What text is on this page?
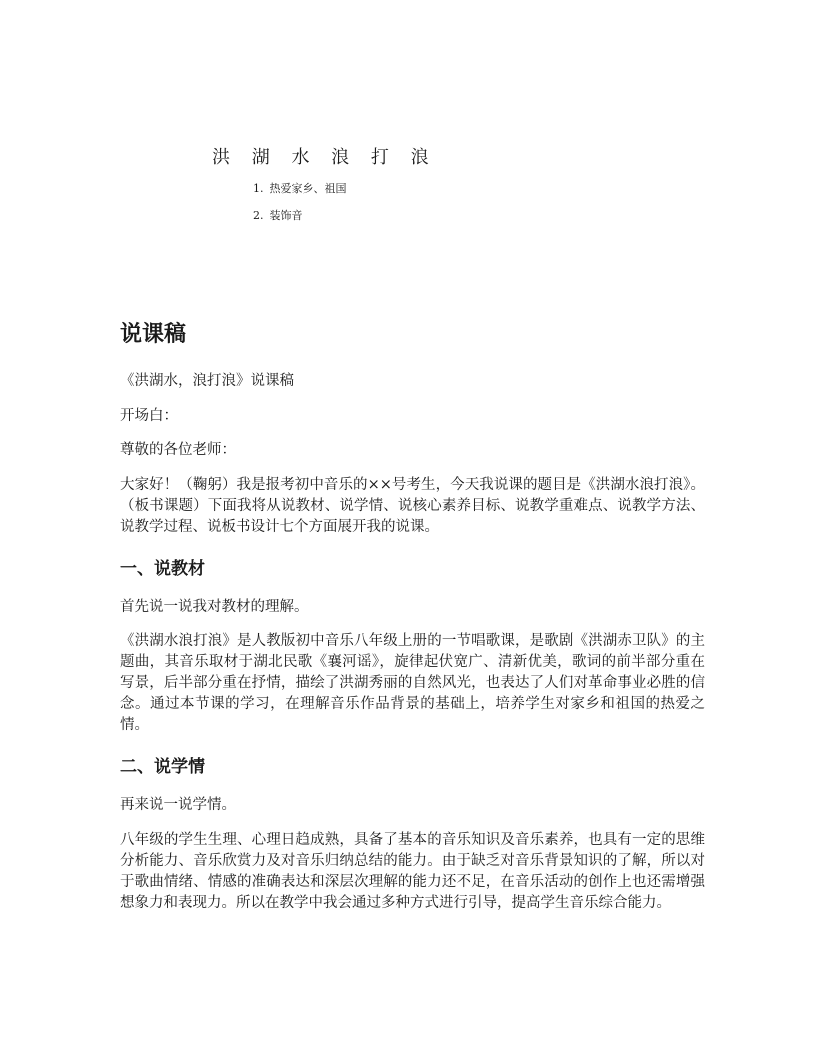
洪 湖 水 浪 打 浪
1. 热爱家乡、祖国
2. 装饰音
说课稿

《洪湖水，浪打浪》说课稿

开场白：

尊敬的各位老师：

大家好！（鞠躬）我是报考初中音乐的××号考生，今天我说课的题目是《洪湖水浪打浪》。（板书课题）下面我将从说教材、说学情、说核心素养目标、说教学重难点、说教学方法、说教学过程、说板书设计七个方面展开我的说课。

一、说教材

首先说一说我对教材的理解。

《洪湖水浪打浪》是人教版初中音乐八年级上册的一节唱歌课，是歌剧《洪湖赤卫队》的主题曲，其音乐取材于湖北民歌《襄河谣》，旋律起伏宽广、清新优美，歌词的前半部分重在写景，后半部分重在抒情，描绘了洪湖秀丽的自然风光，也表达了人们对革命事业必胜的信念。通过本节课的学习，在理解音乐作品背景的基础上，培养学生对家乡和祖国的热爱之情。

二、说学情

再来说一说学情。

八年级的学生生理、心理日趋成熟，具备了基本的音乐知识及音乐素养，也具有一定的思维分析能力、音乐欣赏力及对音乐归纳总结的能力。由于缺乏对音乐背景知识的了解，所以对于歌曲情绪、情感的准确表达和深层次理解的能力还不足，在音乐活动的创作上也还需增强想象力和表现力。所以在教学中我会通过多种方式进行引导，提高学生音乐综合能力。
